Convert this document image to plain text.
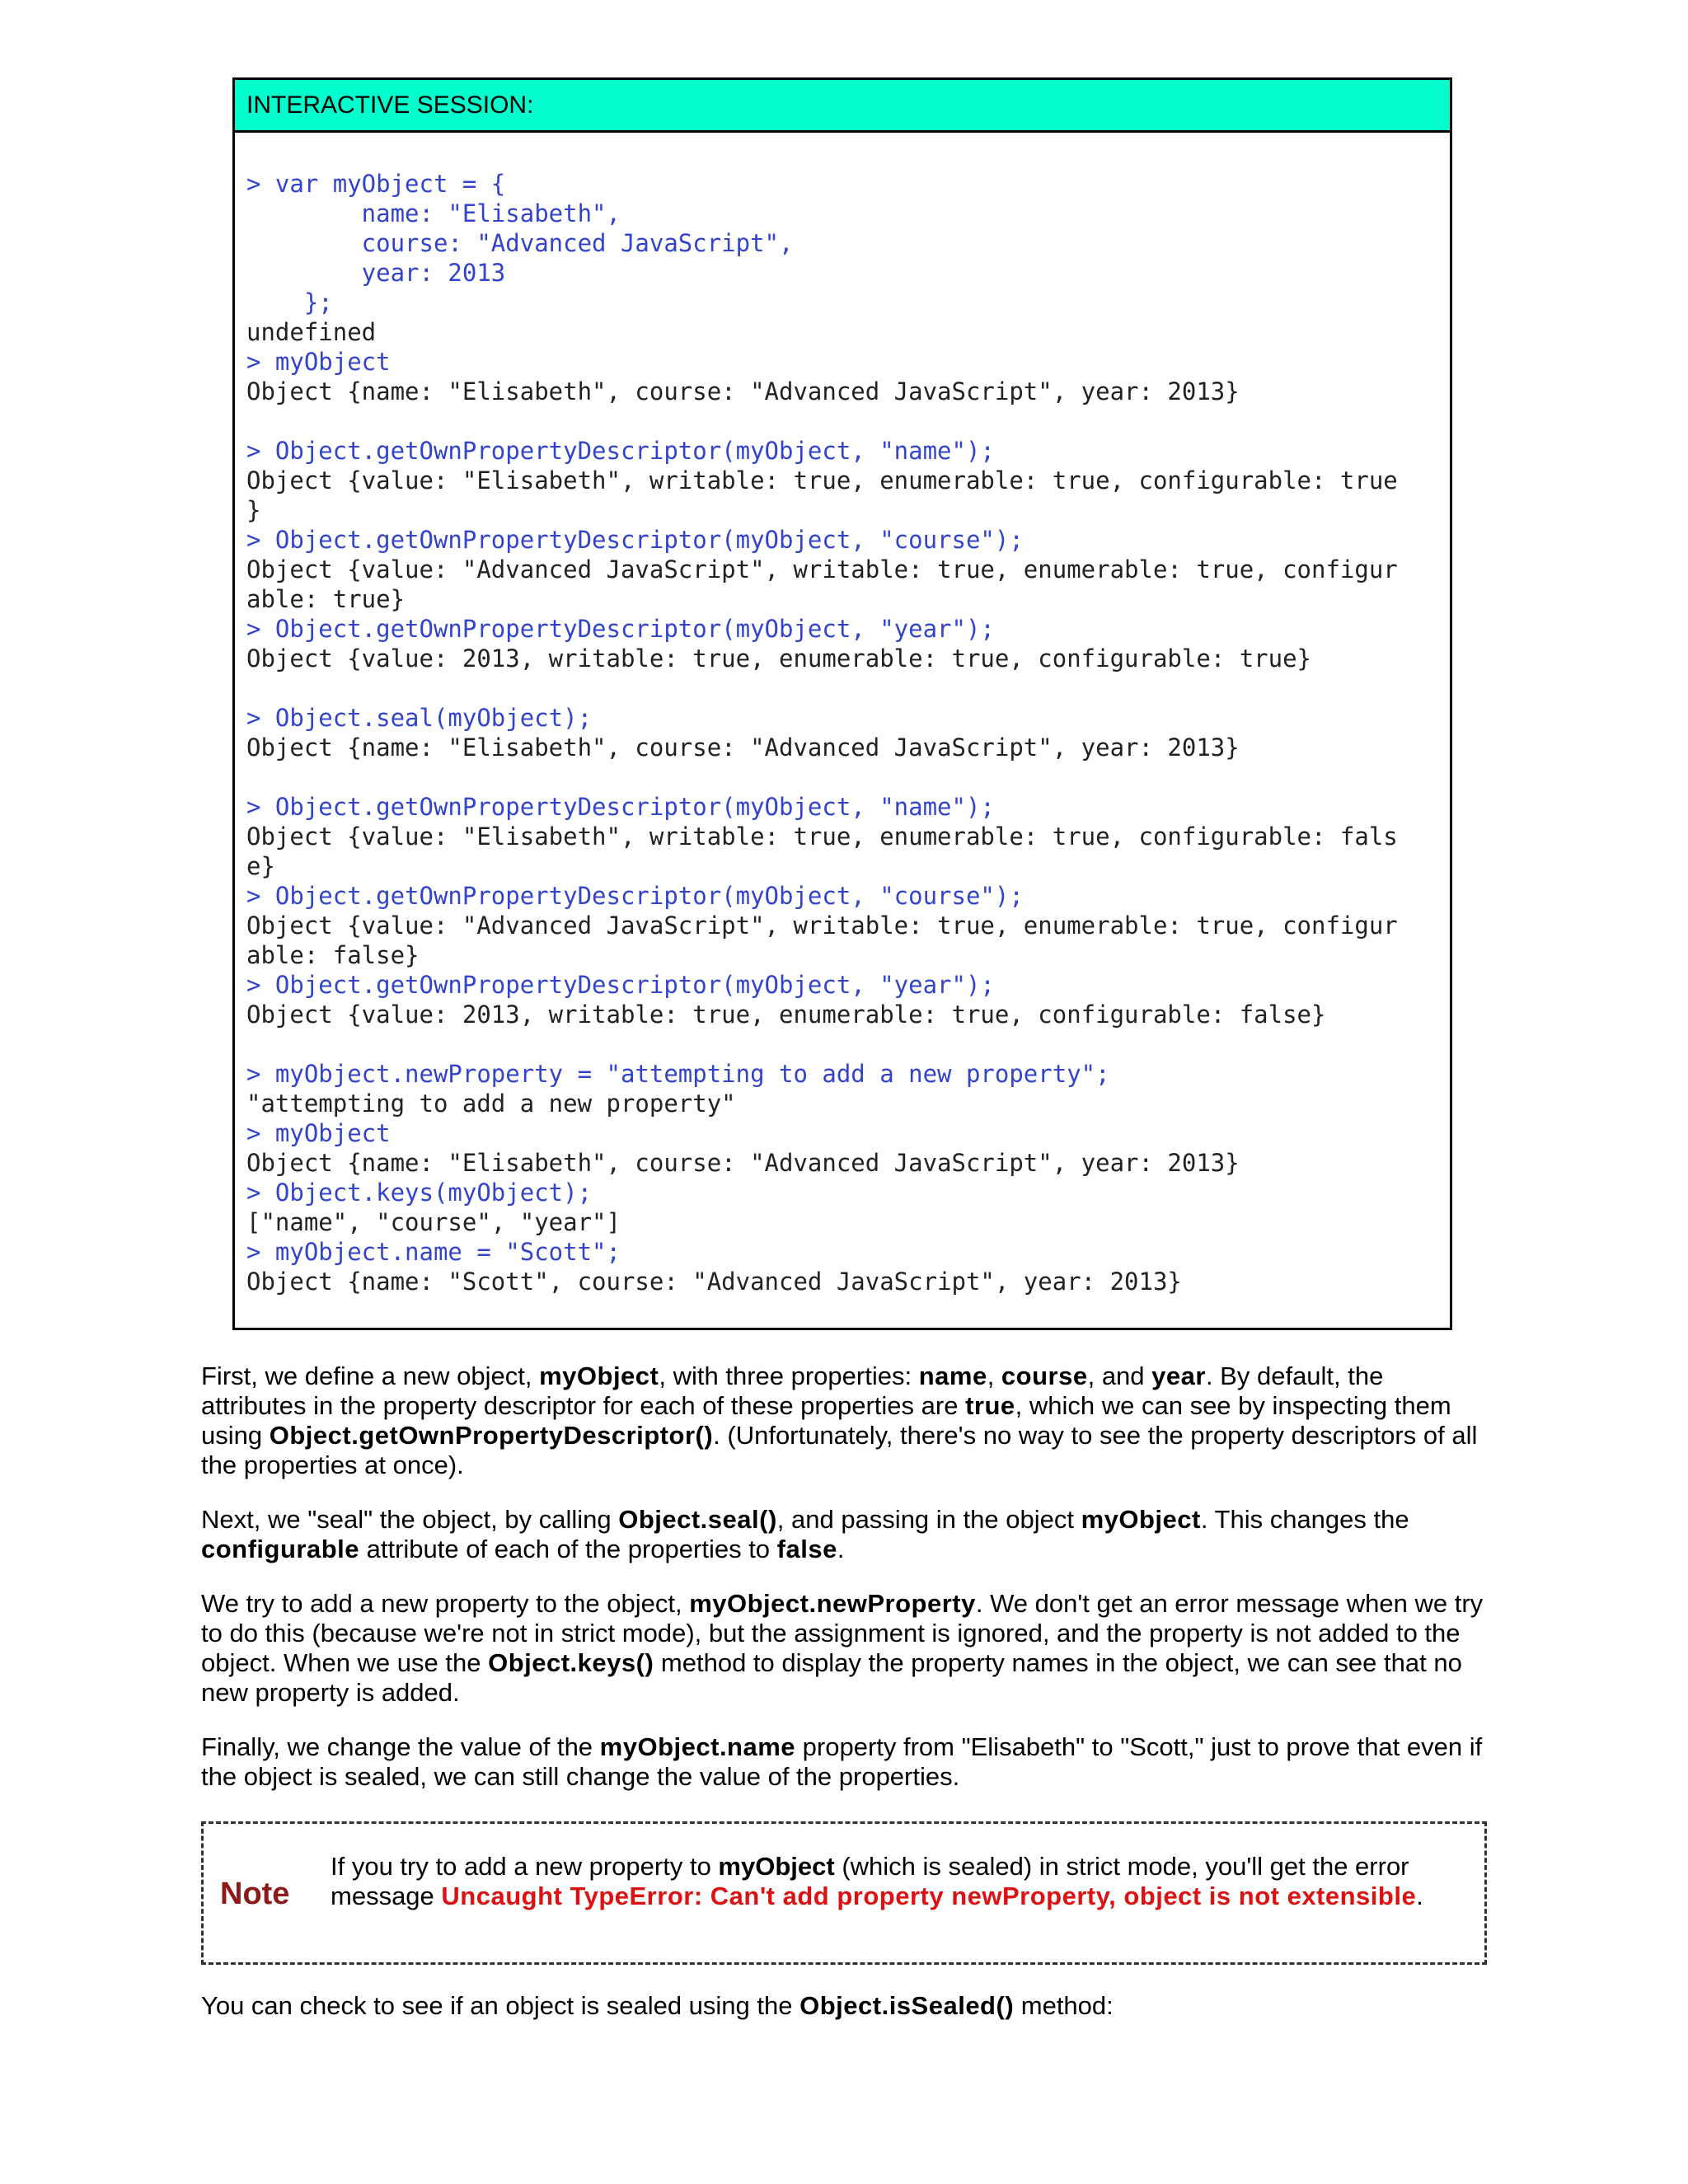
INTERACTIVE SESSION:
> var myObject = {
name: "Elisabeth",
course: "Advanced JavaScript",
year: 2013
};
undefined
> myObject
Object {name: "Elisabeth", course: "Advanced JavaScript", year: 2013}
> Object.getOwnPropertyDescriptor(myObject, "name");
Object {value: "Elisabeth", writable: true, enumerable: true, configurable: true
}
> Object.getOwnPropertyDescriptor(myObject, "course");
Object {value: "Advanced JavaScript", writable: true, enumerable: true, configur
able: true}
> Object.getOwnPropertyDescriptor(myObject, "year");
Object {value: 2013, writable: true, enumerable: true, configurable: true}
> Object.seal(myObject);
Object {name: "Elisabeth", course: "Advanced JavaScript", year: 2013}
> Object.getOwnPropertyDescriptor(myObject, "name");
Object {value: "Elisabeth", writable: true, enumerable: true, configurable: fals
e}
> Object.getOwnPropertyDescriptor(myObject, "course");
Object {value: "Advanced JavaScript", writable: true, enumerable: true, configur
able: false}
> Object.getOwnPropertyDescriptor(myObject, "year");
Object {value: 2013, writable: true, enumerable: true, configurable: false}
> myObject.newProperty = "attempting to add a new property";
"attempting to add a new property"
> myObject
Object {name: "Elisabeth", course: "Advanced JavaScript", year: 2013}
> Object.keys(myObject);
["name", "course", "year"]
> myObject.name = "Scott";
Object {name: "Scott", course: "Advanced JavaScript", year: 2013}

First, we define a new object, myObject, with three properties: name, course, and year. By default, the attributes in the property descriptor for each of these properties are true, which we can see by inspecting them using Object.getOwnPropertyDescriptor(). (Unfortunately, there's no way to see the property descriptors of all the properties at once).

Next, we "seal" the object, by calling Object.seal(), and passing in the object myObject. This changes the configurable attribute of each of the properties to false.

We try to add a new property to the object, myObject.newProperty. We don't get an error message when we try to do this (because we're not in strict mode), but the assignment is ignored, and the property is not added to the object. When we use the Object.keys() method to display the property names in the object, we can see that no new property is added.

Finally, we change the value of the myObject.name property from "Elisabeth" to "Scott," just to prove that even if the object is sealed, we can still change the value of the properties.

Note
If you try to add a new property to myObject (which is sealed) in strict mode, you'll get the error message Uncaught TypeError: Can't add property newProperty, object is not extensible.

You can check to see if an object is sealed using the Object.isSealed() method:
